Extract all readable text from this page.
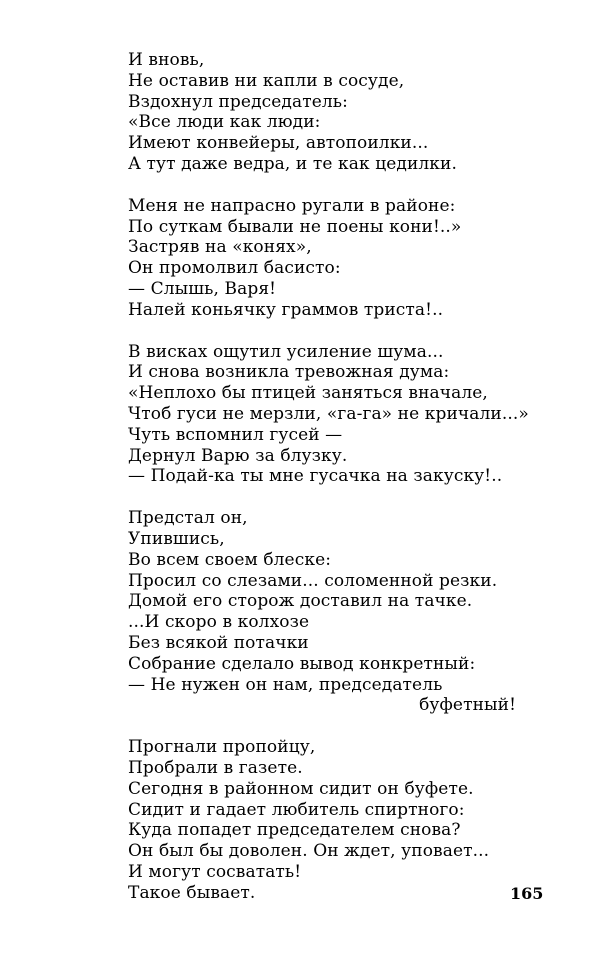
И вновь,
Не оставив ни капли в сосуде,
Вздохнул председатель:
«Все люди как люди:
Имеют конвейеры, автопоилки...
А тут даже ведра, и те как цедилки.
Меня не напрасно ругали в районе:
По суткам бывали не поены кони!..»
Застряв на «конях»,
Он промолвил басисто:
— Слышь, Варя!
Налей коньячку граммов триста!..
В висках ощутил усиление шума...
И снова возникла тревожная дума:
«Неплохо бы птицей заняться вначале,
Чтоб гуси не мерзли, «га-га» не кричали...»
Чуть вспомнил гусей —
Дернул Варю за блузку.
— Подай-ка ты мне гусачка на закуску!..
Предстал он,
Упившись,
Во всем своем блеске:
Просил со слезами... соломенной резки.
Домой его сторож доставил на тачке.
...И скоро в колхозе
Без всякой потачки
Собрание сделало вывод конкретный:
— Не нужен он нам, председатель
буфетный!
Прогнали пропойцу,
Пробрали в газете.
Сегодня в районном сидит он буфете.
Сидит и гадает любитель спиртного:
Куда попадет председателем снова?
Он был бы доволен. Он ждет, уповает...
И могут сосватать!
Такое бывает.	165
